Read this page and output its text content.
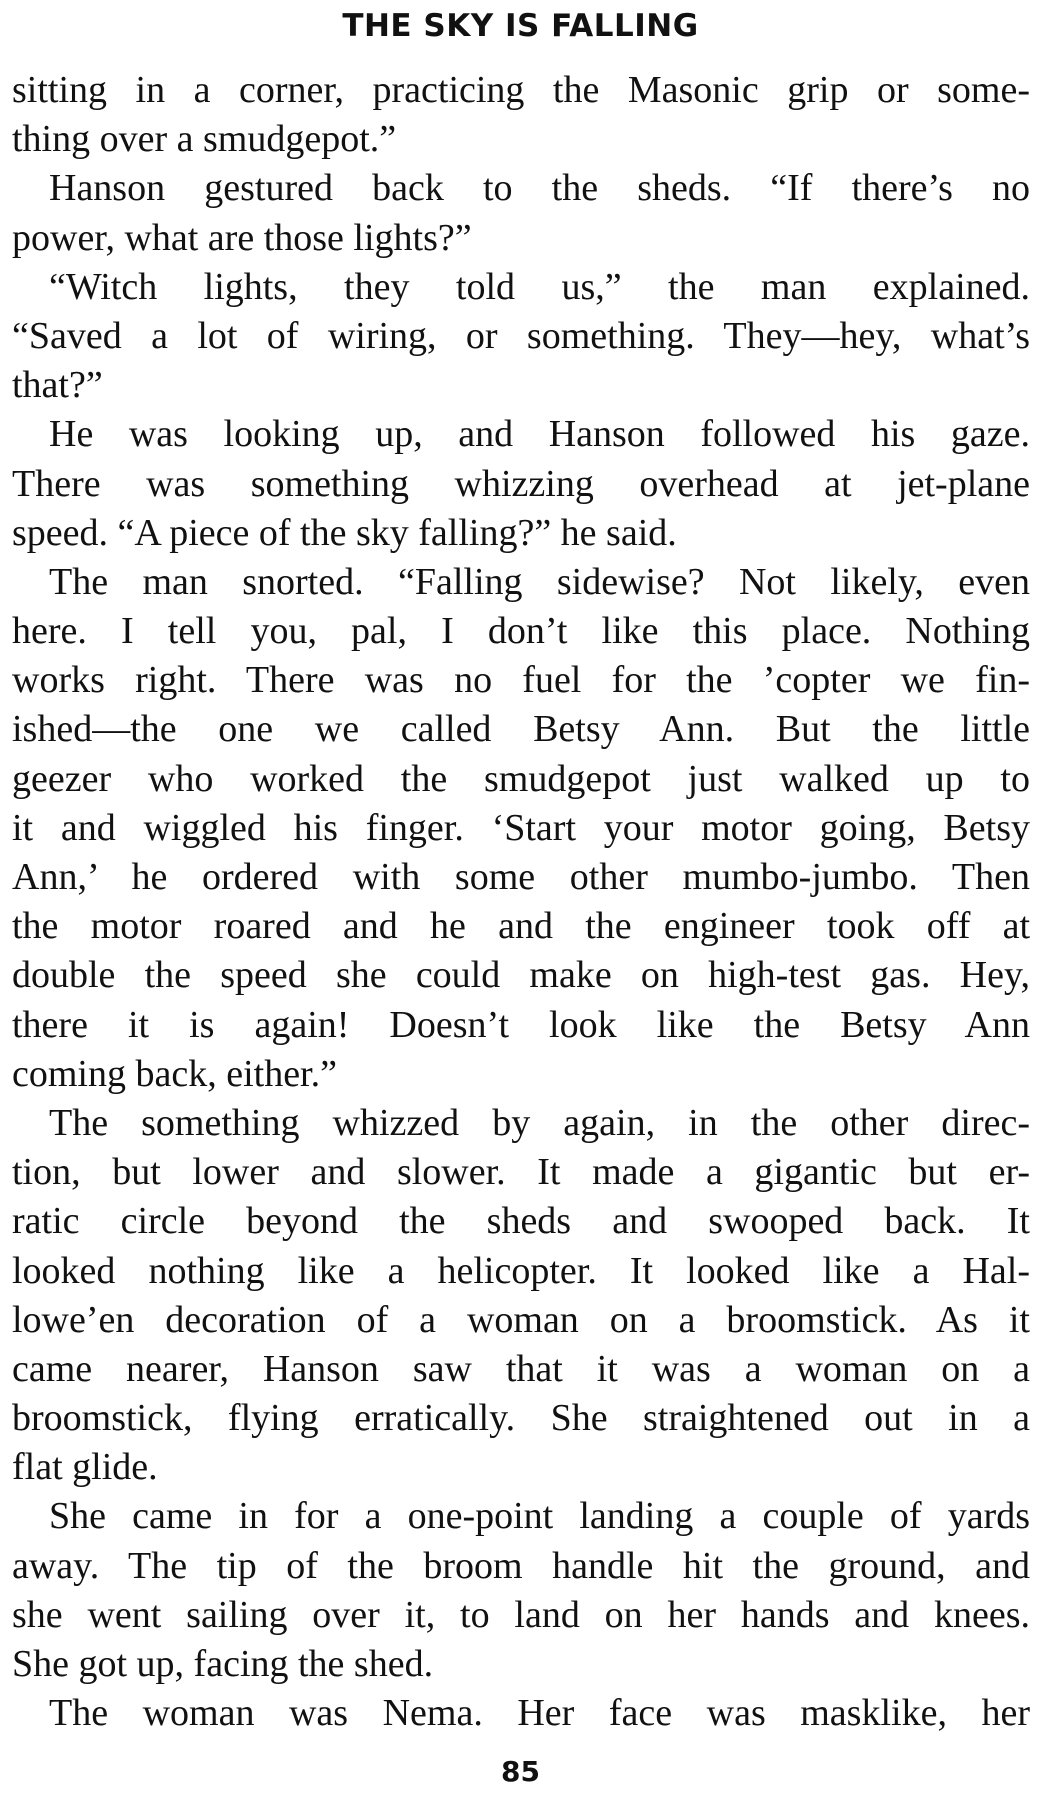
THE SKY IS FALLING
sitting in a corner, practicing the Masonic grip or some-
thing over a smudgepot.”
Hanson gestured back to the sheds. “If there’s no
power, what are those lights?”
“Witch lights, they told us,” the man explained.
“Saved a lot of wiring, or something. They—hey, what’s
that?”
He was looking up, and Hanson followed his gaze.
There was something whizzing overhead at jet-plane
speed. “A piece of the sky falling?” he said.
The man snorted. “Falling sidewise? Not likely, even
here. I tell you, pal, I don’t like this place. Nothing
works right. There was no fuel for the ’copter we fin-
ished—the one we called Betsy Ann. But the little
geezer who worked the smudgepot just walked up to
it and wiggled his finger. ‘Start your motor going, Betsy
Ann,’ he ordered with some other mumbo-jumbo. Then
the motor roared and he and the engineer took off at
double the speed she could make on high-test gas. Hey,
there it is again! Doesn’t look like the Betsy Ann
coming back, either.”
The something whizzed by again, in the other direc-
tion, but lower and slower. It made a gigantic but er-
ratic circle beyond the sheds and swooped back. It
looked nothing like a helicopter. It looked like a Hal-
lowe’en decoration of a woman on a broomstick. As it
came nearer, Hanson saw that it was a woman on a
broomstick, flying erratically. She straightened out in a
flat glide.
She came in for a one-point landing a couple of yards
away. The tip of the broom handle hit the ground, and
she went sailing over it, to land on her hands and knees.
She got up, facing the shed.
The woman was Nema. Her face was masklike, her
85
